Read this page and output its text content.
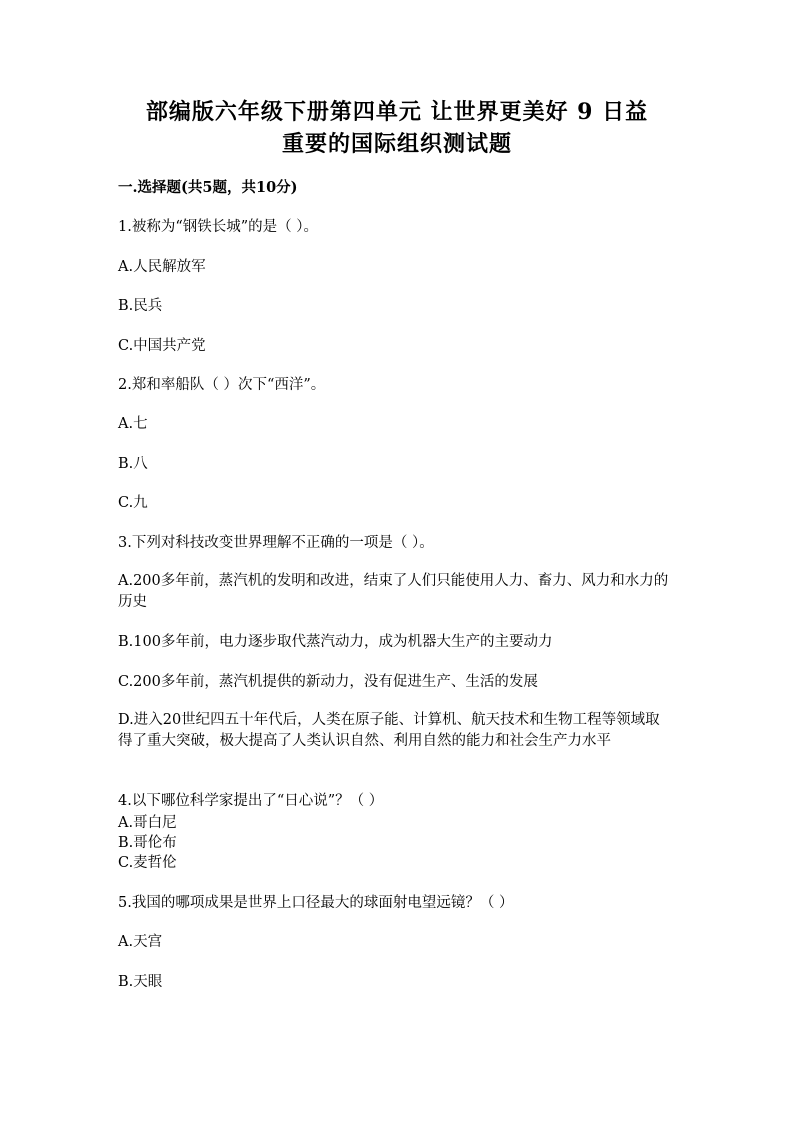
部编版六年级下册第四单元 让世界更美好 9 日益
重要的国际组织测试题
一.选择题(共5题，共10分)
1.被称为“钢铁长城”的是（ ）。
A.人民解放军
B.民兵
C.中国共产党
2.郑和率船队（ ）次下“西洋”。
A.七
B.八
C.九
3.下列对科技改变世界理解不正确的一项是（ ）。
A.200多年前，蒸汽机的发明和改进，结束了人们只能使用人力、畜力、风力和水力的历史
B.100多年前，电力逐步取代蒸汽动力，成为机器大生产的主要动力
C.200多年前，蒸汽机提供的新动力，没有促进生产、生活的发展
D.进入20世纪四五十年代后，人类在原子能、计算机、航天技术和生物工程等领域取得了重大突破，极大提高了人类认识自然、利用自然的能力和社会生产力水平
4.以下哪位科学家提出了“日心说”？（ ）
A.哥白尼
B.哥伦布
C.麦哲伦
5.我国的哪项成果是世界上口径最大的球面射电望远镜？（ ）
A.天宫
B.天眼
